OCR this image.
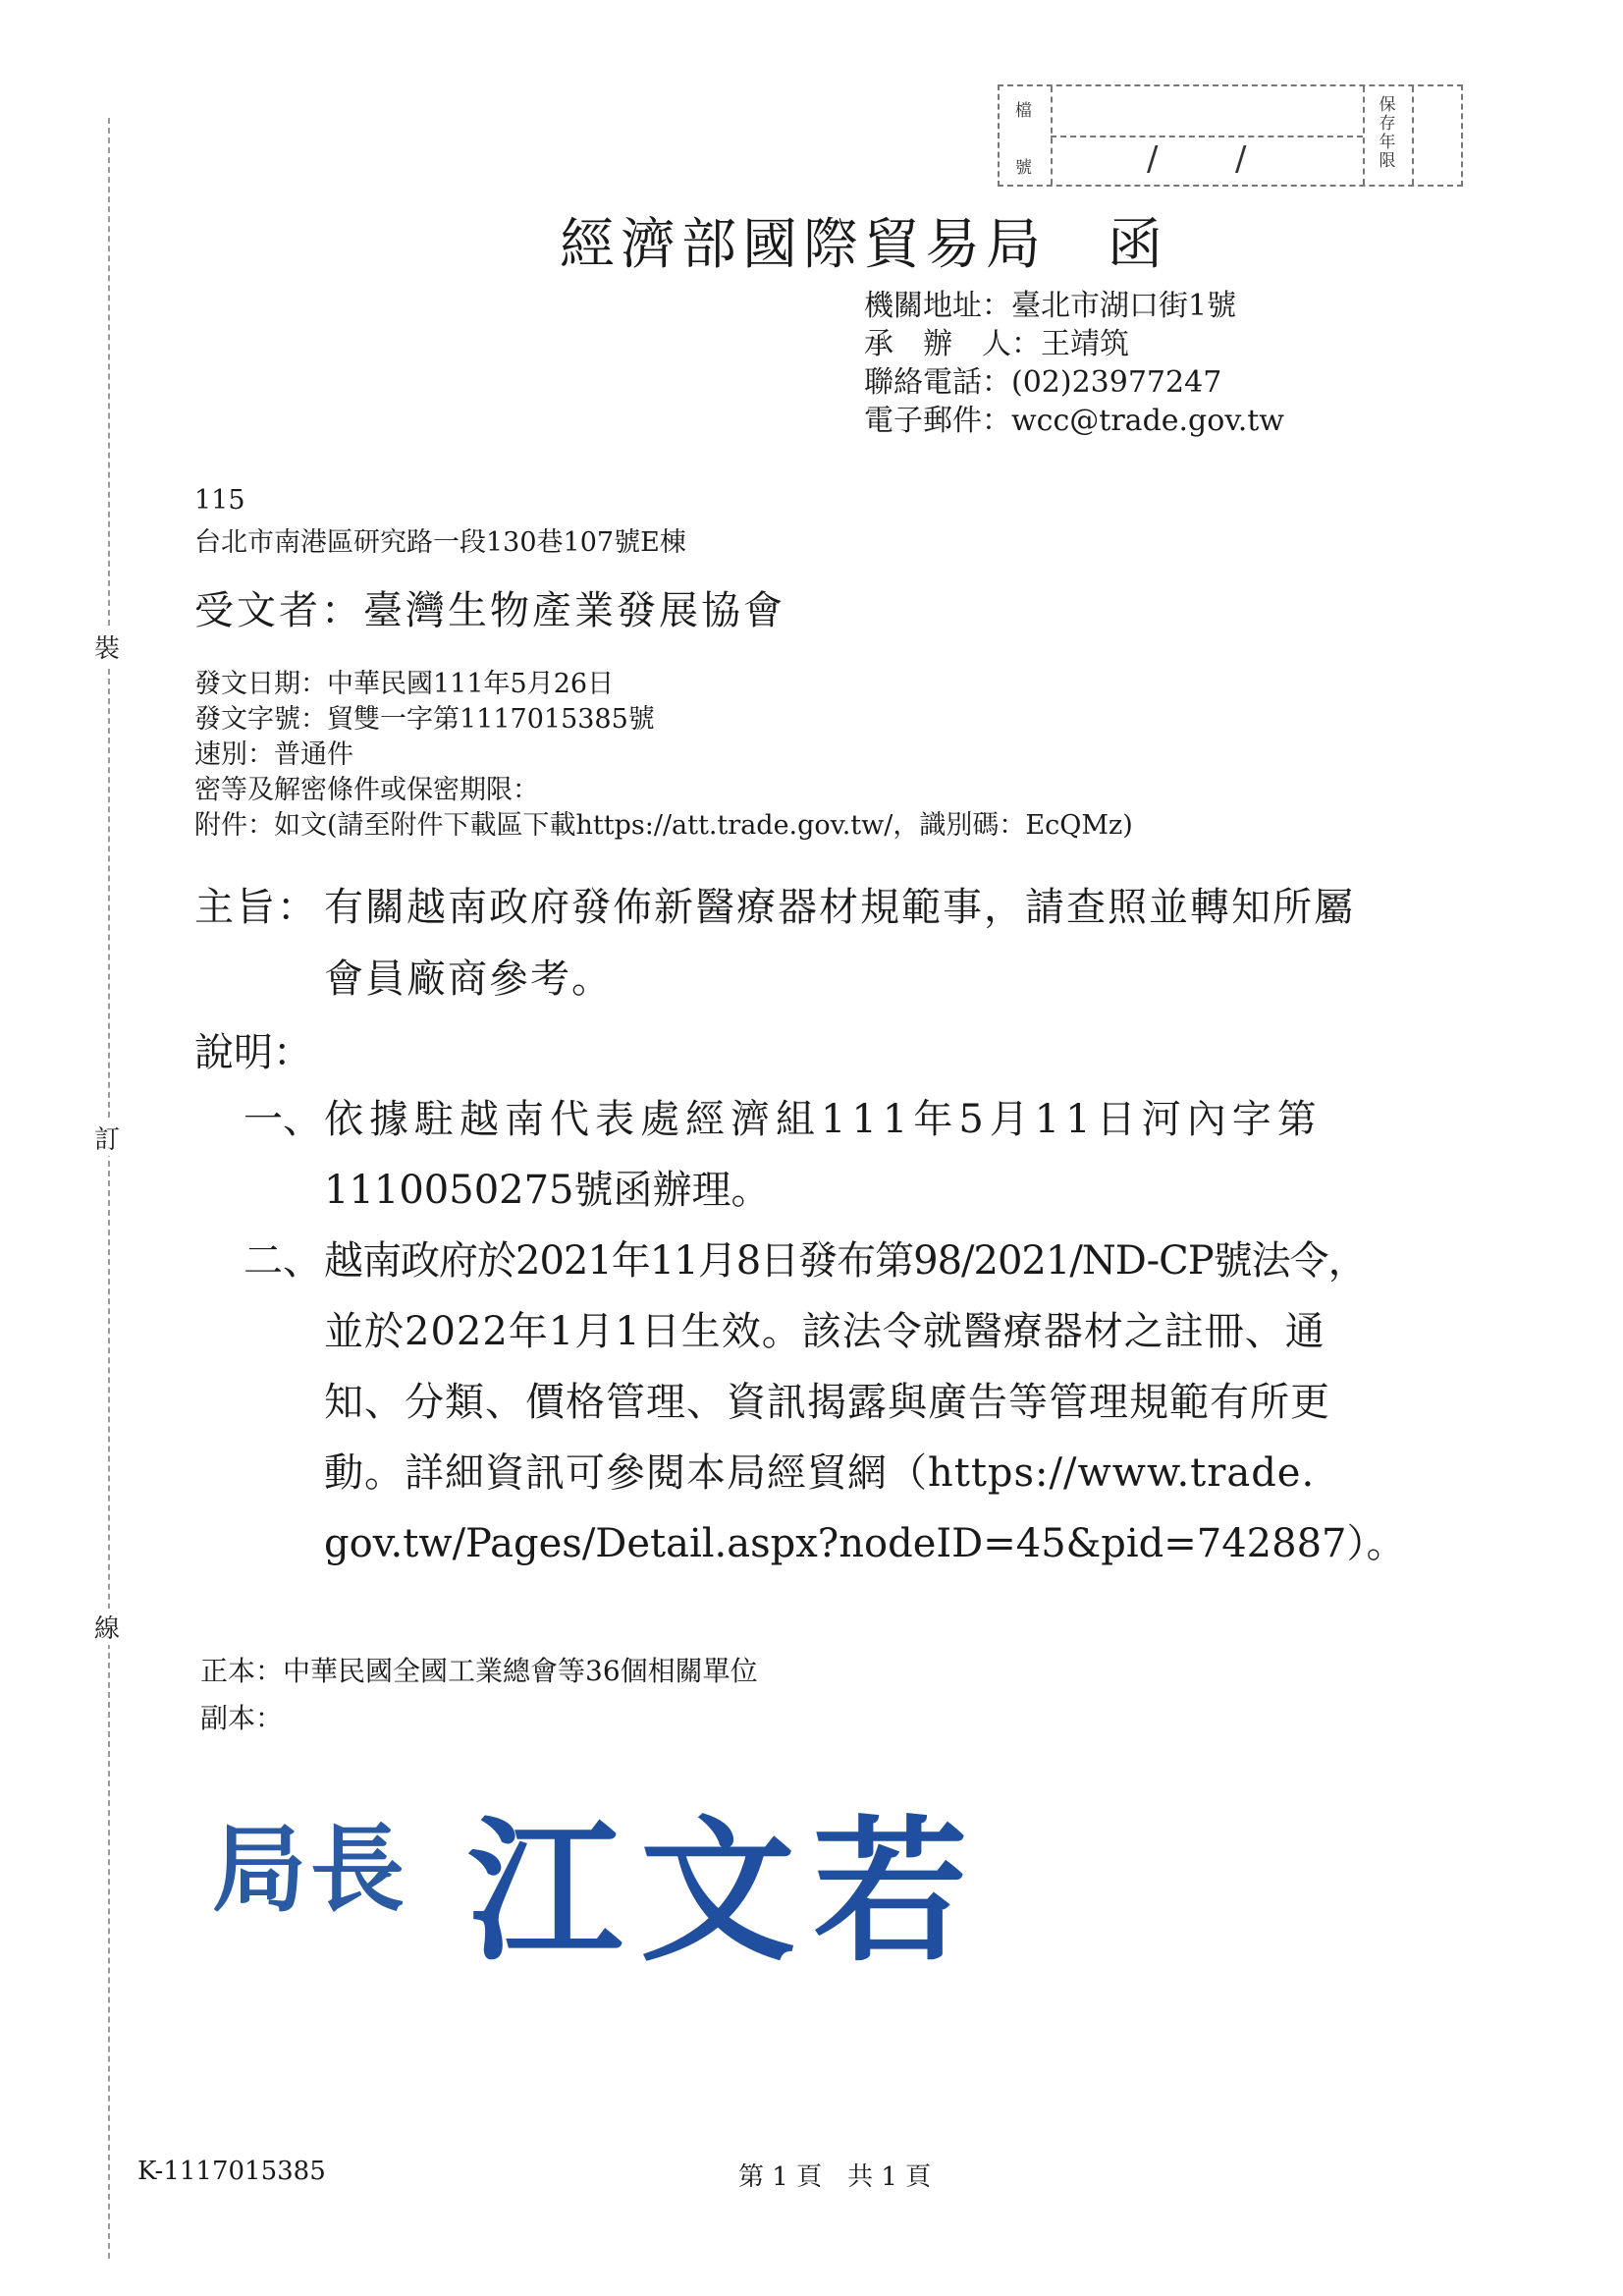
裝
訂
線
檔
號	/ /
保存年限
經濟部國際貿易局　函
機關地址：臺北市湖口街1號
承　辦　人：王靖筑
聯絡電話：(02)23977247
電子郵件：wcc@trade.gov.tw
115
台北市南港區研究路一段130巷107號E棟
受文者：臺灣生物產業發展協會
發文日期：中華民國111年5月26日
發文字號：貿雙一字第1117015385號
速別：普通件
密等及解密條件或保密期限：
附件：如文(請至附件下載區下載https://att.trade.gov.tw/，識別碼：EcQMz)
主旨： 有關越南政府發佈新醫療器材規範事，請查照並轉知所屬
會員廠商參考。
說明：
一、 依據駐越南代表處經濟組111年5月11日河內字第
1110050275號函辦理。
二、 越南政府於2021年11月8日發布第98/2021/ND-CP號法令，
並於2022年1月1日生效。該法令就醫療器材之註冊、通
知、分類、價格管理、資訊揭露與廣告等管理規範有所更
動。詳細資訊可參閱本局經貿網（https://www.trade.
gov.tw/Pages/Detail.aspx?nodeID=45&pid=742887）。
正本：中華民國全國工業總會等36個相關單位
副本：
局長 江文若
K-1117015385	第 1 頁　共 1 頁
